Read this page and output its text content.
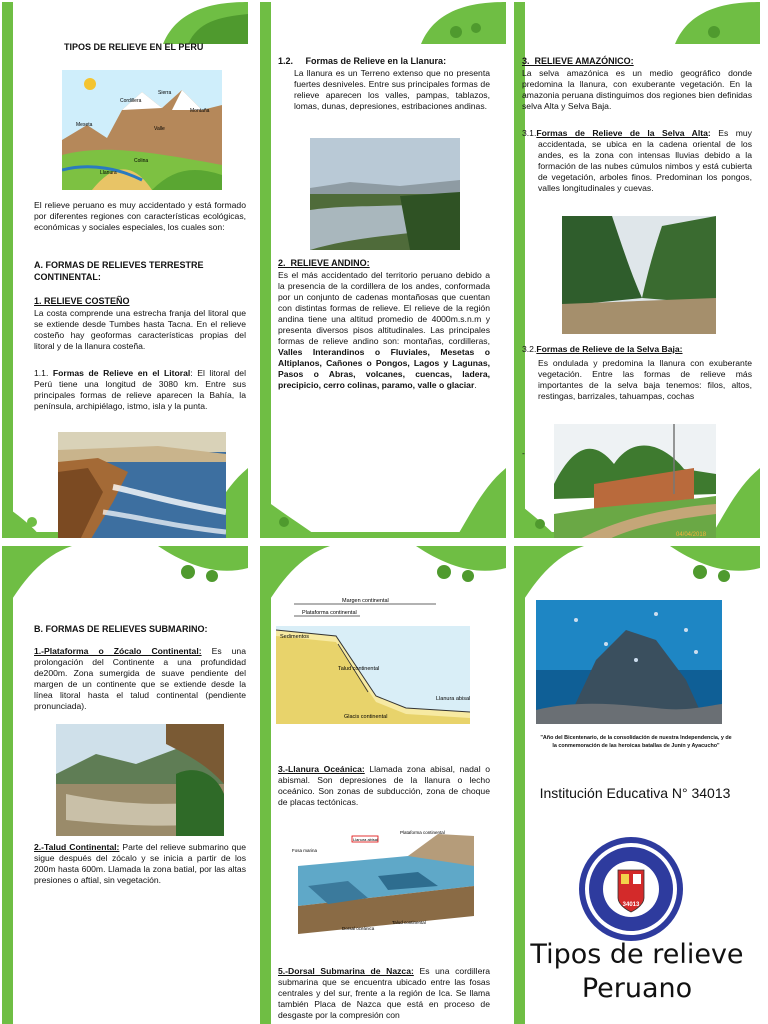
TIPOS DE RELIEVE EN EL PERU
Sierra
Cordillera
Montaña
Meseta
Valle
Llanura
Colina

El relieve peruano es muy accidentado y está formado por diferentes regiones con características ecológicas, económicas y sociales especiales, los cuales son:

A. FORMAS DE RELIEVES TERRESTRE CONTINENTAL:

1. RELIEVE COSTEÑO

La costa comprende una estrecha franja del litoral que se extiende desde Tumbes hasta Tacna. En el relieve costeño hay geoformas características propias del litoral y de la llanura costeña.

1.1. Formas de Relieve en el Litoral: El litoral del Perú tiene una longitud de 3080 km. Entre sus principales formas de relieve aparecen la Bahía, la península, archipiélago, istmo, isla y la punta.

1.2.     Formas de Relieve en la Llanura:

La llanura es un Terreno extenso que no presenta fuertes desniveles. Entre sus principales formas de relieve aparecen los valles, pampas, tablazos, lomas, dunas, depresiones, estribaciones andinas.

2.  RELIEVE ANDINO:

Es el más accidentado del territorio peruano debido a la presencia de la cordillera de los andes, conformada por un conjunto de cadenas montañosas que cuentan con distintas formas de relieve. El relieve de la región andina tiene una altitud promedio de 4000m.s.n.m y presenta diversos pisos altitudinales. Las principales formas de relieve andino son: montañas, cordilleras, Valles Interandinos o Fluviales, Mesetas o Altiplanos, Cañones o Pongos, Lagos y Lagunas, Pasos o Abras, volcanes, cuencas, ladera, precipicio, cerro colinas, paramo, valle o glaciar.

3.  RELIEVE AMAZÓNICO:

La selva amazónica es un medio geográfico donde predomina la llanura, con exuberante vegetación. En la amazonia peruana distinguimos dos regiones bien definidas selva Alta y Selva Baja.

3.1.Formas de Relieve de la Selva Alta: Es muy accidentada, se ubica en la cadena oriental de los andes, es la zona con intensas lluvias debido a la formación de las nubes cúmulos nimbos y está cubierta de vegetación, arboles finos. Predominan los pongos, valles longitudinales y cuevas.

3.2.Formas de Relieve de la Selva Baja:

Es ondulada y predomina la llanura con exuberante vegetación. Entre las formas de relieve más importantes de la selva baja tenemos: filos, altos, restingas, barrizales, tahuampas, cochas

-
04/04/2018

B. FORMAS DE RELIEVES SUBMARINO:

1.-Plataforma o Zócalo Continental: Es una prolongación del Continente a una profundidad de200m. Zona sumergida de suave pendiente del margen de un continente que se extiende desde la línea litoral hasta el talud continental (pendiente pronunciada).

2.-Talud Continental: Parte del relieve submarino que sigue después del zócalo y se inicia a partir de los 200m hasta 600m. Llamada la zona batial, por las altas presiones o aftial, sin vegetación.

Margen continental
Plataforma continental
Sedimentos
Talud continental
Llanura abisal
Glacis continental

3.-Llanura Oceánica: Llamada zona abisal, nadal o abismal. Son depresiones de la llanura o lecho oceánico. Son zonas de subducción, zona de choque de placas tectónicas.

Fosa marina
Llanura abisal
Plataforma continental
Dorsal oceánica
Talud continental

5.-Dorsal Submarina de Nazca: Es una cordillera submarina que se encuentra ubicado entre las fosas centrales y del sur, frente a la región de Ica. Se llama también Placa de Nazca que está en proceso de desgaste por la compresión con

"Año del Bicentenario, de la consolidación de nuestra Independencia, y de la conmemoración de las heroicas batallas de Junín y Ayacucho"

Institución Educativa N° 34013

34013

Tipos de relieve Peruano
